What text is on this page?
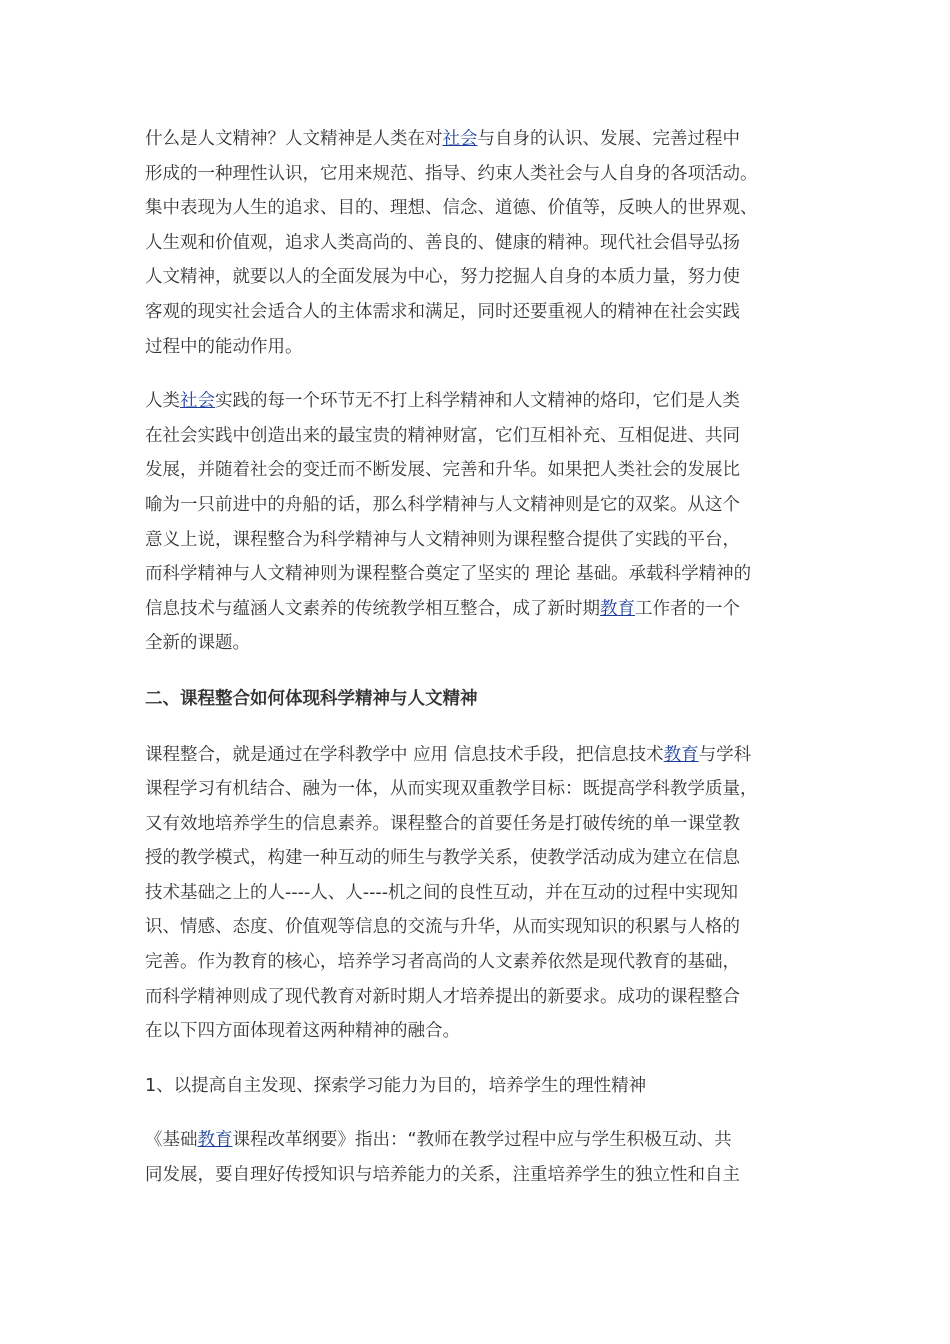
什么是人文精神？人文精神是人类在对社会与自身的认识、发展、完善过程中
形成的一种理性认识，它用来规范、指导、约束人类社会与人自身的各项活动。
集中表现为人生的追求、目的、理想、信念、道德、价值等，反映人的世界观、
人生观和价值观，追求人类高尚的、善良的、健康的精神。现代社会倡导弘扬
人文精神，就要以人的全面发展为中心，努力挖掘人自身的本质力量，努力使
客观的现实社会适合人的主体需求和满足，同时还要重视人的精神在社会实践
过程中的能动作用。

人类社会实践的每一个环节无不打上科学精神和人文精神的烙印，它们是人类
在社会实践中创造出来的最宝贵的精神财富，它们互相补充、互相促进、共同
发展，并随着社会的变迁而不断发展、完善和升华。如果把人类社会的发展比
喻为一只前进中的舟船的话，那么科学精神与人文精神则是它的双桨。从这个
意义上说，课程整合为科学精神与人文精神则为课程整合提供了实践的平台，
而科学精神与人文精神则为课程整合奠定了坚实的 理论 基础。承载科学精神的
信息技术与蕴涵人文素养的传统教学相互整合，成了新时期教育工作者的一个
全新的课题。

二、课程整合如何体现科学精神与人文精神

课程整合，就是通过在学科教学中 应用 信息技术手段，把信息技术教育与学科
课程学习有机结合、融为一体，从而实现双重教学目标：既提高学科教学质量，
又有效地培养学生的信息素养。课程整合的首要任务是打破传统的单一课堂教
授的教学模式，构建一种互动的师生与教学关系，使教学活动成为建立在信息
技术基础之上的人----人、人----机之间的良性互动，并在互动的过程中实现知
识、情感、态度、价值观等信息的交流与升华，从而实现知识的积累与人格的
完善。作为教育的核心，培养学习者高尚的人文素养依然是现代教育的基础，
而科学精神则成了现代教育对新时期人才培养提出的新要求。成功的课程整合
在以下四方面体现着这两种精神的融合。

1、以提高自主发现、探索学习能力为目的，培养学生的理性精神

《基础教育课程改革纲要》指出：“教师在教学过程中应与学生积极互动、共
同发展，要自理好传授知识与培养能力的关系，注重培养学生的独立性和自主
